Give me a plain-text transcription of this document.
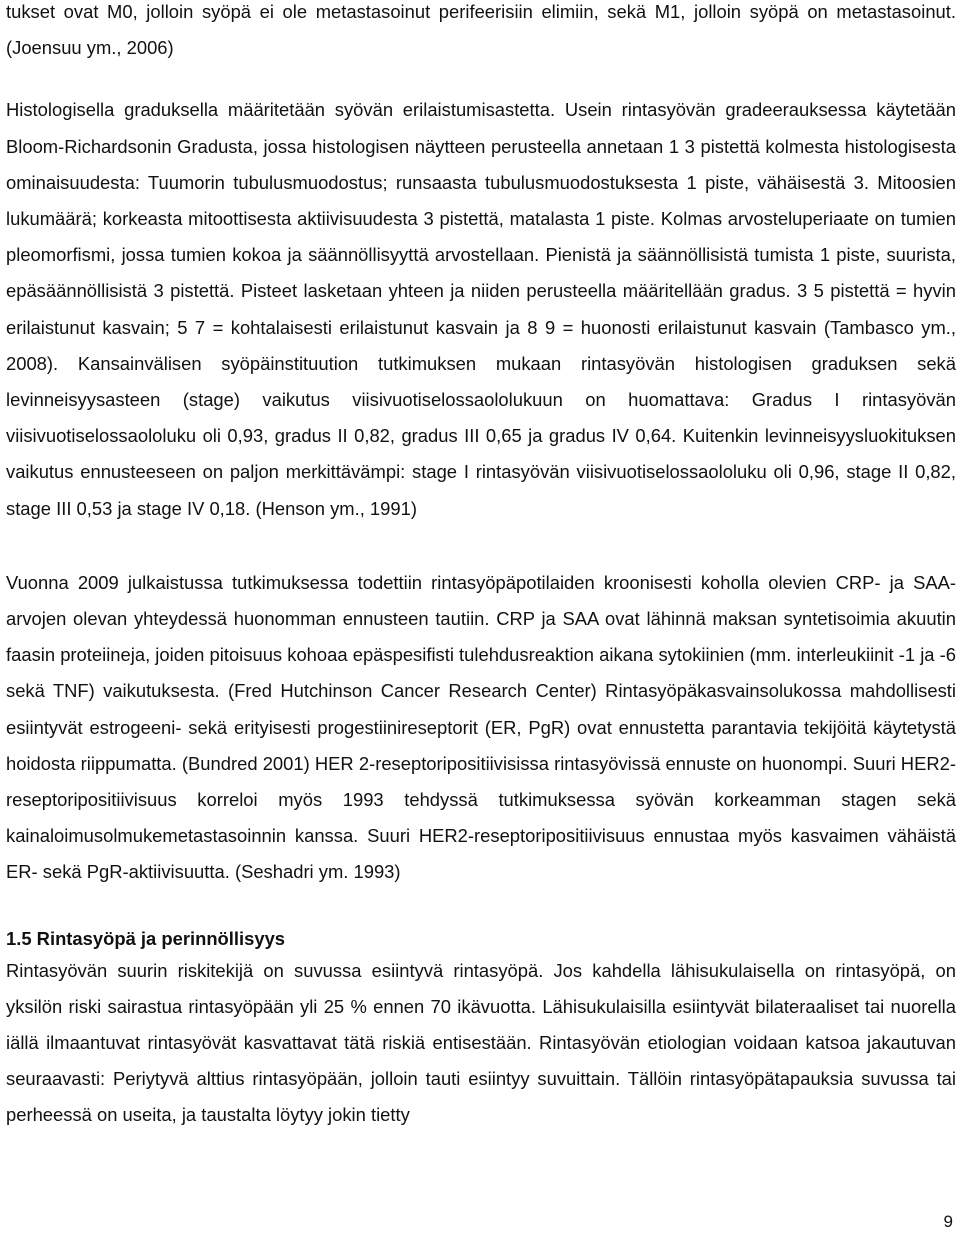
tukset ovat M0, jolloin syöpä ei ole metastasoinut perifeerisiin elimiin, sekä M1, jolloin syöpä on metastasoinut. (Joensuu ym., 2006)

Histologisella graduksella määritetään syövän erilaistumisastetta. Usein rintasyövän gradeerauksessa käytetään Bloom-Richardsonin Gradusta, jossa histologisen näytteen perusteella annetaan 1 3 pistettä kolmesta histologisesta ominaisuudesta: Tuumorin tubulusmuodostus; runsaasta tubulusmuodostuksesta 1 piste, vähäisestä 3. Mitoosien lukumäärä; korkeasta mitoottisesta aktiivisuudesta 3 pistettä, matalasta 1 piste. Kolmas arvosteluperiaate on tumien pleomorfismi, jossa tumien kokoa ja säännöllisyyttä arvostellaan. Pienistä ja säännöllisistä tumista 1 piste, suurista, epäsäännöllisistä 3 pistettä. Pisteet lasketaan yhteen ja niiden perusteella määritellään gradus. 3 5 pistettä = hyvin erilaistunut kasvain; 5 7 = kohtalaisesti erilaistunut kasvain ja 8 9 = huonosti erilaistunut kasvain (Tambasco ym., 2008). Kansainvälisen syöpäinstituution tutkimuksen mukaan rintasyövän histologisen graduksen sekä levinneisyysasteen (stage) vaikutus viisivuotiselossaololukuun on huomattava: Gradus I rintasyövän viisivuotiselossaololuku oli 0,93, gradus II 0,82, gradus III 0,65 ja gradus IV 0,64. Kuitenkin levinneisyysluokituksen vaikutus ennusteeseen on paljon merkittävämpi: stage I rintasyövän viisivuotiselossaololuku oli 0,96, stage II 0,82, stage III 0,53 ja stage IV 0,18. (Henson ym., 1991)

Vuonna 2009 julkaistussa tutkimuksessa todettiin rintasyöpäpotilaiden kroonisesti koholla olevien CRP- ja SAA-arvojen olevan yhteydessä huonomman ennusteen tautiin. CRP ja SAA ovat lähinnä maksan syntetisoimia akuutin faasin proteiineja, joiden pitoisuus kohoaa epäspesifisti tulehdusreaktion aikana sytokiinien (mm. interleukiinit -1 ja -6 sekä TNF) vaikutuksesta. (Fred Hutchinson Cancer Research Center) Rintasyöpäkasvainsolukossa mahdollisesti esiintyvät estrogeeni- sekä erityisesti progestiinireseptorit (ER, PgR) ovat ennustetta parantavia tekijöitä käytetystä hoidosta riippumatta. (Bundred 2001) HER 2-reseptoripositiivisissa rintasyövissä ennuste on huonompi. Suuri HER2-reseptoripositiivisuus korreloi myös 1993 tehdyssä tutkimuksessa syövän korkeamman stagen sekä kainaloimusolmukemetastasoinnin kanssa. Suuri HER2-reseptoripositiivisuus ennustaa myös kasvaimen vähäistä ER- sekä PgR-aktiivisuutta. (Seshadri ym. 1993)

1.5 Rintasyöpä ja perinnöllisyys

Rintasyövän suurin riskitekijä on suvussa esiintyvä rintasyöpä. Jos kahdella lähisukulaisella on rintasyöpä, on yksilön riski sairastua rintasyöpään yli 25 % ennen 70 ikävuotta. Lähisukulaisilla esiintyvät bilateraaliset tai nuorella iällä ilmaantuvat rintasyövät kasvattavat tätä riskiä entisestään. Rintasyövän etiologian voidaan katsoa jakautuvan seuraavasti: Periytyvä alttius rintasyöpään, jolloin tauti esiintyy suvuittain. Tällöin rintasyöpätapauksia suvussa tai perheessä on useita, ja taustalta löytyy jokin tietty

9
